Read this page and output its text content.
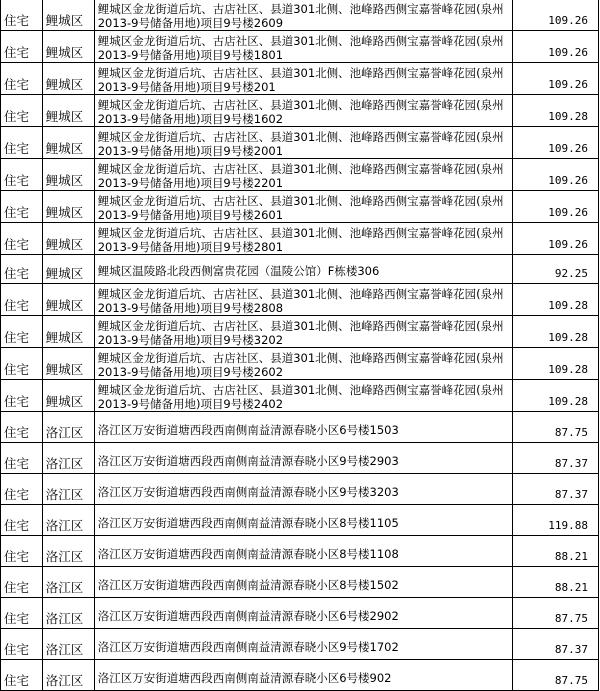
住宅	鲤城区	鲤城区金龙街道后坑、古店社区、县道301北侧、池峰路西侧宝嘉誉峰花园(泉州2013-9号储备用地)项目9号楼2609	109.26
住宅	鲤城区	鲤城区金龙街道后坑、古店社区、县道301北侧、池峰路西侧宝嘉誉峰花园(泉州2013-9号储备用地)项目9号楼1801	109.26
住宅	鲤城区	鲤城区金龙街道后坑、古店社区、县道301北侧、池峰路西侧宝嘉誉峰花园(泉州2013-9号储备用地)项目9号楼201	109.26
住宅	鲤城区	鲤城区金龙街道后坑、古店社区、县道301北侧、池峰路西侧宝嘉誉峰花园(泉州2013-9号储备用地)项目9号楼1602	109.28
住宅	鲤城区	鲤城区金龙街道后坑、古店社区、县道301北侧、池峰路西侧宝嘉誉峰花园(泉州2013-9号储备用地)项目9号楼2001	109.26
住宅	鲤城区	鲤城区金龙街道后坑、古店社区、县道301北侧、池峰路西侧宝嘉誉峰花园(泉州2013-9号储备用地)项目9号楼2201	109.26
住宅	鲤城区	鲤城区金龙街道后坑、古店社区、县道301北侧、池峰路西侧宝嘉誉峰花园(泉州2013-9号储备用地)项目9号楼2601	109.26
住宅	鲤城区	鲤城区金龙街道后坑、古店社区、县道301北侧、池峰路西侧宝嘉誉峰花园(泉州2013-9号储备用地)项目9号楼2801	109.26
住宅	鲤城区	鲤城区温陵路北段西侧富贵花园（温陵公馆）F栋楼306	92.25
住宅	鲤城区	鲤城区金龙街道后坑、古店社区、县道301北侧、池峰路西侧宝嘉誉峰花园(泉州2013-9号储备用地)项目9号楼2808	109.28
住宅	鲤城区	鲤城区金龙街道后坑、古店社区、县道301北侧、池峰路西侧宝嘉誉峰花园(泉州2013-9号储备用地)项目9号楼3202	109.28
住宅	鲤城区	鲤城区金龙街道后坑、古店社区、县道301北侧、池峰路西侧宝嘉誉峰花园(泉州2013-9号储备用地)项目9号楼2602	109.28
住宅	鲤城区	鲤城区金龙街道后坑、古店社区、县道301北侧、池峰路西侧宝嘉誉峰花园(泉州2013-9号储备用地)项目9号楼2402	109.28
住宅	洛江区	洛江区万安街道塘西段西南侧南益清源春晓小区6号楼1503	87.75
住宅	洛江区	洛江区万安街道塘西段西南侧南益清源春晓小区9号楼2903	87.37
住宅	洛江区	洛江区万安街道塘西段西南侧南益清源春晓小区9号楼3203	87.37
住宅	洛江区	洛江区万安街道塘西段西南侧南益清源春晓小区8号楼1105	119.88
住宅	洛江区	洛江区万安街道塘西段西南侧南益清源春晓小区8号楼1108	88.21
住宅	洛江区	洛江区万安街道塘西段西南侧南益清源春晓小区8号楼1502	88.21
住宅	洛江区	洛江区万安街道塘西段西南侧南益清源春晓小区6号楼2902	87.75
住宅	洛江区	洛江区万安街道塘西段西南侧南益清源春晓小区9号楼1702	87.37
住宅	洛江区	洛江区万安街道塘西段西南侧南益清源春晓小区6号楼902	87.75
